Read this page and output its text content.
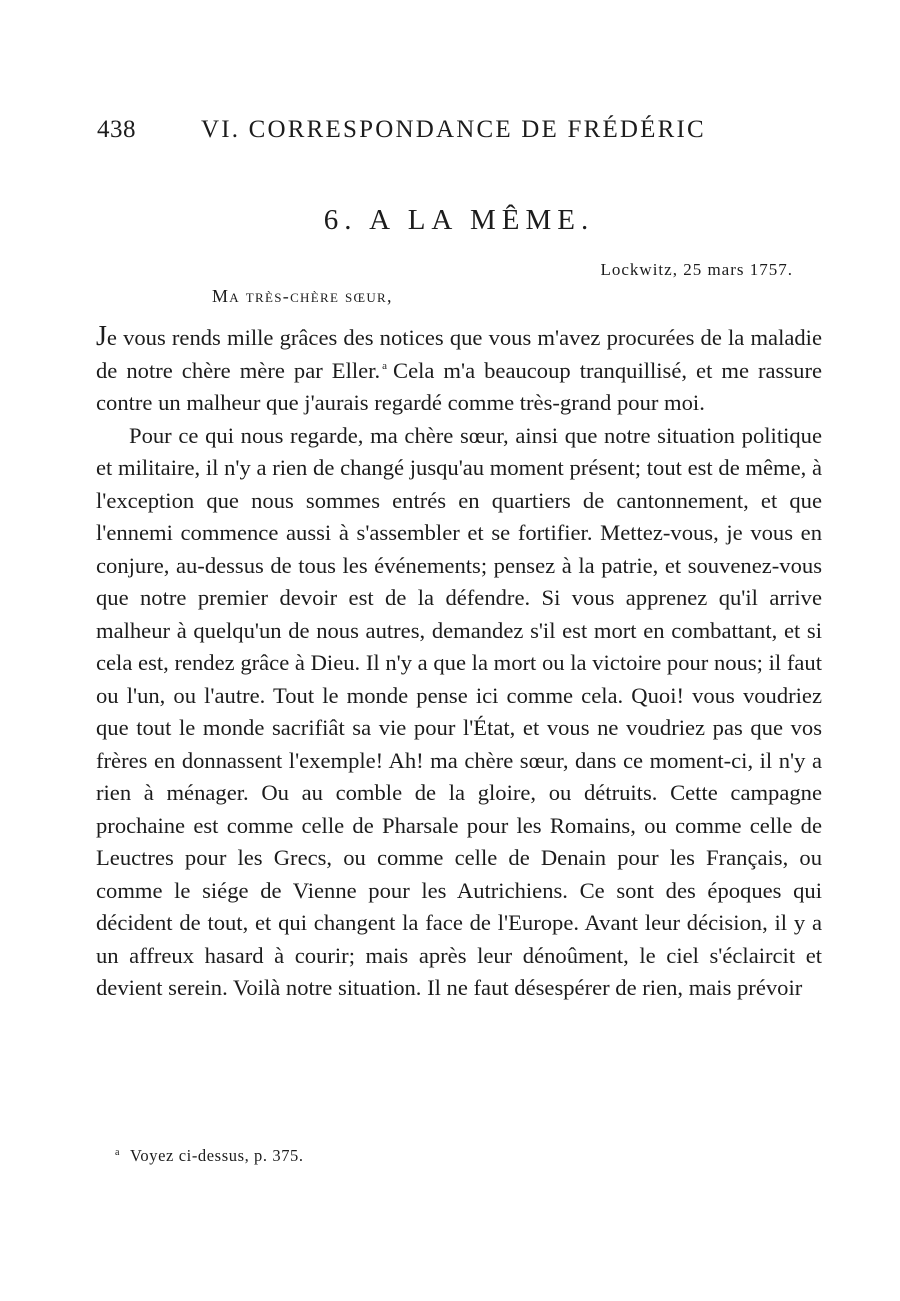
438	VI. CORRESPONDANCE DE FRÉDÉRIC
6. A LA MÊME.
Lockwitz, 25 mars 1757.
Ma très-chère sœur,

Je vous rends mille grâces des notices que vous m'avez procurées de la maladie de notre chère mère par Eller. $^a$ Cela m'a beaucoup tranquillisé, et me rassure contre un malheur que j'aurais regardé comme très-grand pour moi.

Pour ce qui nous regarde, ma chère sœur, ainsi que notre situation politique et militaire, il n'y a rien de changé jusqu'au moment présent; tout est de même, à l'exception que nous sommes entrés en quartiers de cantonnement, et que l'ennemi commence aussi à s'assembler et se fortifier. Mettez-vous, je vous en conjure, au-dessus de tous les événements; pensez à la patrie, et souvenez-vous que notre premier devoir est de la défendre. Si vous apprenez qu'il arrive malheur à quelqu'un de nous autres, demandez s'il est mort en combattant, et si cela est, rendez grâce à Dieu. Il n'y a que la mort ou la victoire pour nous; il faut ou l'un, ou l'autre. Tout le monde pense ici comme cela. Quoi! vous voudriez que tout le monde sacrifiât sa vie pour l'État, et vous ne voudriez pas que vos frères en donnassent l'exemple! Ah! ma chère sœur, dans ce moment-ci, il n'y a rien à ménager. Ou au comble de la gloire, ou détruits. Cette campagne prochaine est comme celle de Pharsale pour les Romains, ou comme celle de Leuctres pour les Grecs, ou comme celle de Denain pour les Français, ou comme le siége de Vienne pour les Autrichiens. Ce sont des époques qui décident de tout, et qui changent la face de l'Europe. Avant leur décision, il y a un affreux hasard à courir; mais après leur dénoûment, le ciel s'éclaircit et devient serein. Voilà notre situation. Il ne faut désespérer de rien, mais prévoir

$^a$ Voyez ci-dessus, p. 375.
